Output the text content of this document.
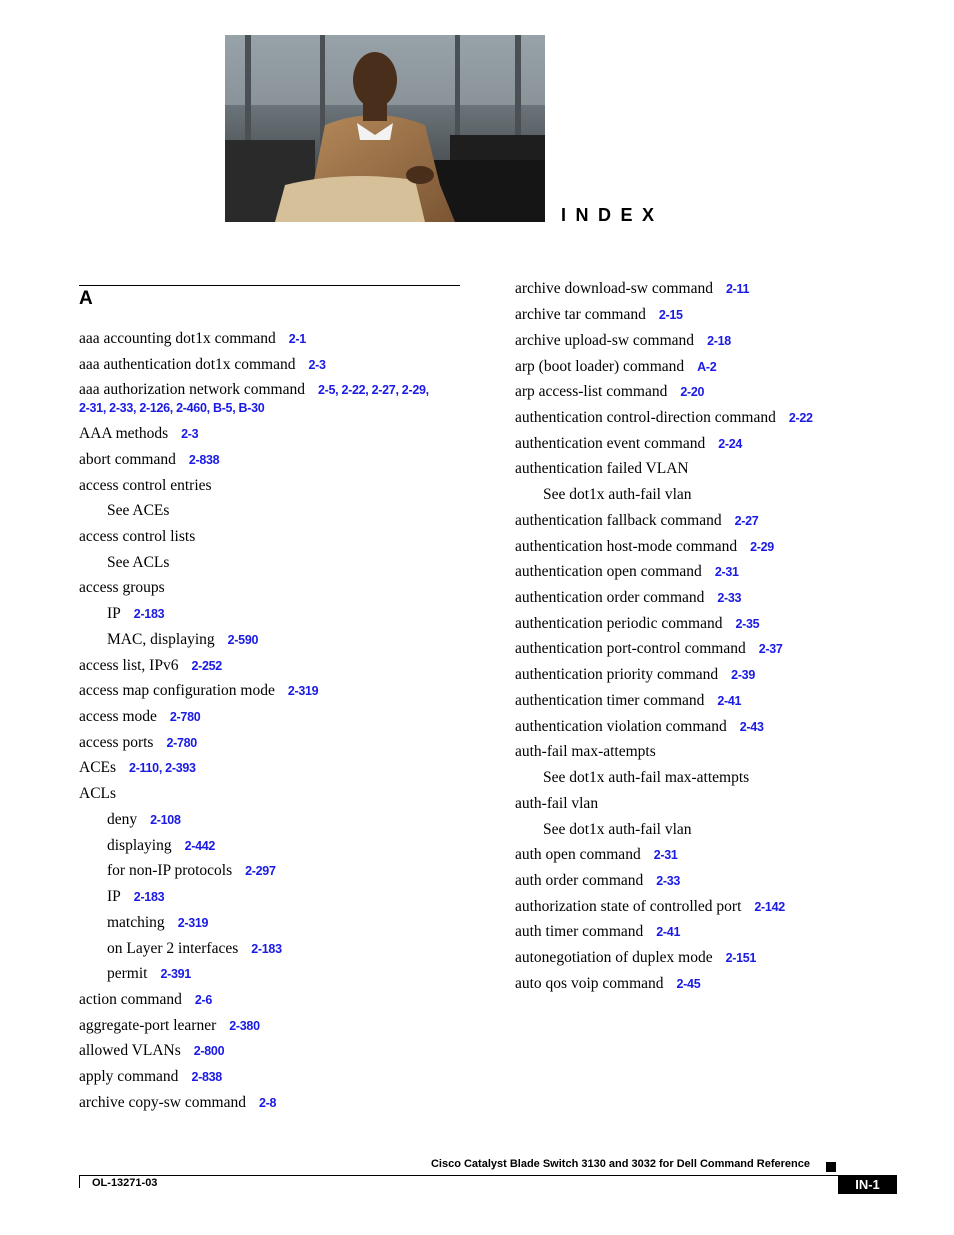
INDEX
A
aaa accounting dot1x command 2-1
aaa authentication dot1x command 2-3
aaa authorization network command 2-5, 2-22, 2-27, 2-29,
2-31, 2-33, 2-126, 2-460, B-5, B-30
AAA methods 2-3
abort command 2-838
access control entries
See ACEs
access control lists
See ACLs
access groups
IP 2-183
MAC, displaying 2-590
access list, IPv6 2-252
access map configuration mode 2-319
access mode 2-780
access ports 2-780
ACEs 2-110, 2-393
ACLs
deny 2-108
displaying 2-442
for non-IP protocols 2-297
IP 2-183
matching 2-319
on Layer 2 interfaces 2-183
permit 2-391
action command 2-6
aggregate-port learner 2-380
allowed VLANs 2-800
apply command 2-838
archive copy-sw command 2-8
archive download-sw command 2-11
archive tar command 2-15
archive upload-sw command 2-18
arp (boot loader) command A-2
arp access-list command 2-20
authentication control-direction command 2-22
authentication event command 2-24
authentication failed VLAN
See dot1x auth-fail vlan
authentication fallback command 2-27
authentication host-mode command 2-29
authentication open command 2-31
authentication order command 2-33
authentication periodic command 2-35
authentication port-control command 2-37
authentication priority command 2-39
authentication timer command 2-41
authentication violation command 2-43
auth-fail max-attempts
See dot1x auth-fail max-attempts
auth-fail vlan
See dot1x auth-fail vlan
auth open command 2-31
auth order command 2-33
authorization state of controlled port 2-142
auth timer command 2-41
autonegotiation of duplex mode 2-151
auto qos voip command 2-45
Cisco Catalyst Blade Switch 3130 and 3032 for Dell Command Reference
OL-13271-03	IN-1
